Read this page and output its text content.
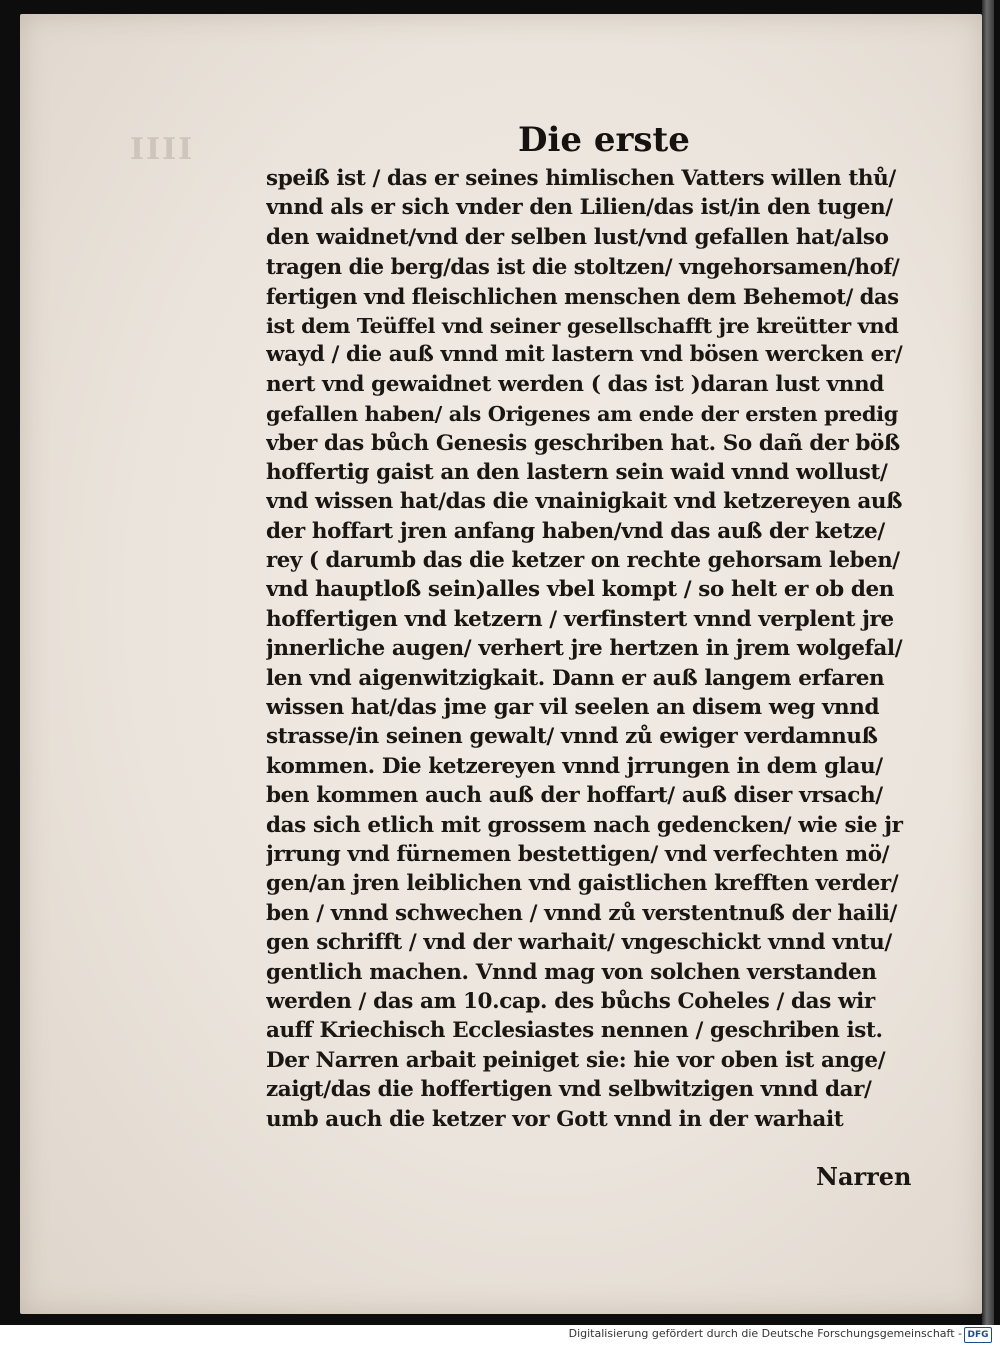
IIII	Die erste
speiß ist / das er seines himlischen Vatters willen thů/
vnnd als er sich vnder den Lilien/das ist/in den tugen/
den waidnet/vnd der selben lust/vnd gefallen hat/also
tragen die berg/das ist die stoltzen/ vngehorsamen/hof/
fertigen vnd fleischlichen menschen dem Behemot/ das
ist dem Teüffel vnd seiner gesellschafft jre kreütter vnd
wayd / die auß vnnd mit lastern vnd bösen wercken er/
nert vnd gewaidnet werden ( das ist )daran lust vnnd
gefallen haben/ als Origenes am ende der ersten predig
vber das bůch Genesis geschriben hat. So dañ der böß
hoffertig gaist an den lastern sein waid vnnd wollust/
vnd wissen hat/das die vnainigkait vnd ketzereyen auß
der hoffart jren anfang haben/vnd das auß der ketze/
rey ( darumb das die ketzer on rechte gehorsam leben/
vnd hauptloß sein)alles vbel kompt / so helt er ob den
hoffertigen vnd ketzern / verfinstert vnnd verplent jre
jnnerliche augen/ verhert jre hertzen in jrem wolgefal/
len vnd aigenwitzigkait. Dann er auß langem erfaren
wissen hat/das jme gar vil seelen an disem weg vnnd
strasse/in seinen gewalt/ vnnd zů ewiger verdamnuß
kommen. Die ketzereyen vnnd jrrungen in dem glau/
ben kommen auch auß der hoffart/ auß diser vrsach/
das sich etlich mit grossem nach gedencken/ wie sie jr
jrrung vnd fürnemen bestettigen/ vnd verfechten mö/
gen/an jren leiblichen vnd gaistlichen krefften verder/
ben / vnnd schwechen / vnnd zů verstentnuß der haili/
gen schrifft / vnd der warhait/ vngeschickt vnnd vntu/
gentlich machen. Vnnd mag von solchen verstanden
werden / das am 10.cap. des bůchs Coheles / das wir
auff Kriechisch Ecclesiastes nennen / geschriben ist.
Der Narren arbait peiniget sie: hie vor oben ist ange/
zaigt/das die hoffertigen vnd selbwitzigen vnnd dar/
umb auch die ketzer vor Gott vnnd in der warhait
Narren
Digitalisierung gefördert durch die Deutsche Forschungsgemeinschaft - DFG
